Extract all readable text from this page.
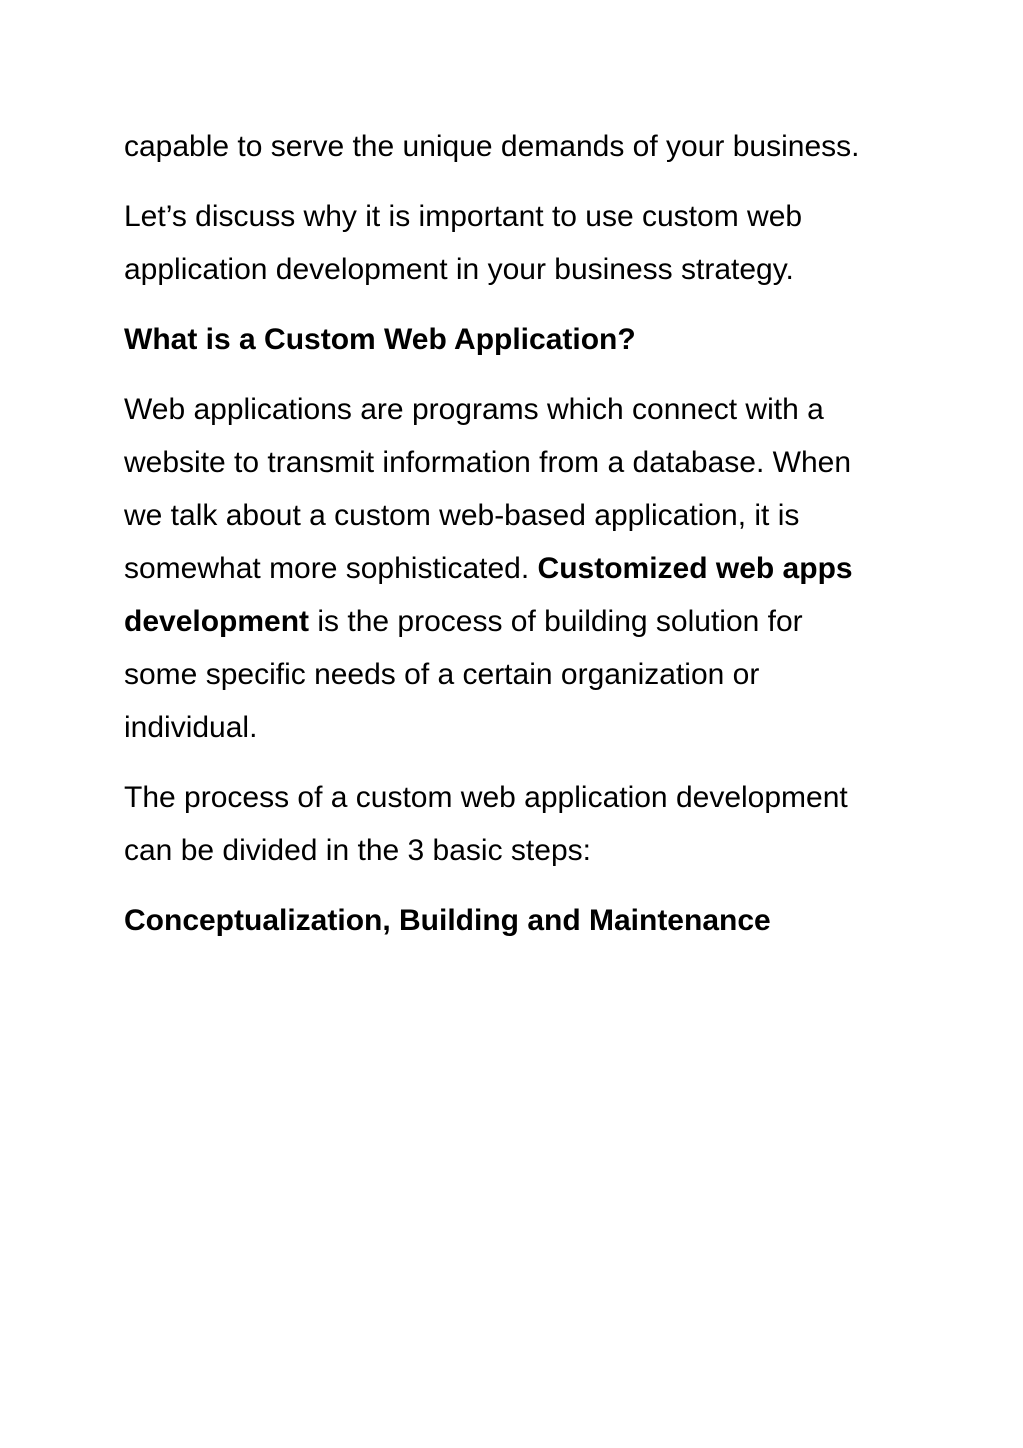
capable to serve the unique demands of your business.

Let’s discuss why it is important to use custom web application development in your business strategy.

What is a Custom Web Application?

Web applications are programs which connect with a website to transmit information from a database. When we talk about a custom web-based application, it is somewhat more sophisticated. Customized web apps development is the process of building solution for some specific needs of a certain organization or individual.

The process of a custom web application development can be divided in the 3 basic steps:

Conceptualization, Building and Maintenance
